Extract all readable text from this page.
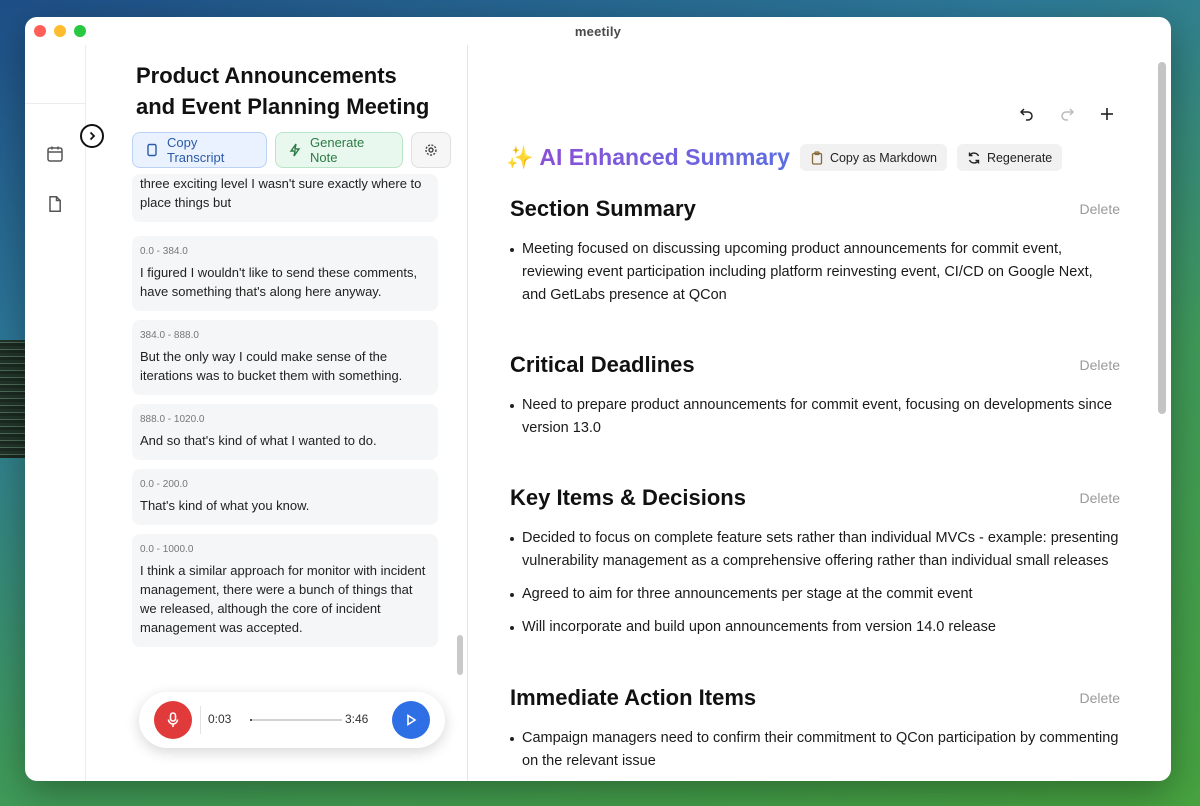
meetily
Product Announcements and Event Planning Meeting
Copy Transcript
Generate Note
three exciting level I wasn't sure exactly where to place things but
0.0 - 384.0
I figured I wouldn't like to send these comments, have something that's along here anyway.
384.0 - 888.0
But the only way I could make sense of the iterations was to bucket them with something.
888.0 - 1020.0
And so that's kind of what I wanted to do.
0.0 - 200.0
That's kind of what you know.
0.0 - 1000.0
I think a similar approach for monitor with incident management, there were a bunch of things that we released, although the core of incident management was accepted.
0:03	3:46
✨ AI Enhanced Summary	Copy as Markdown	Regenerate
Section Summary	Delete
Meeting focused on discussing upcoming product announcements for commit event, reviewing event participation including platform reinvesting event, CI/CD on Google Next, and GetLabs presence at QCon
Critical Deadlines	Delete
Need to prepare product announcements for commit event, focusing on developments since version 13.0
Key Items & Decisions	Delete
Decided to focus on complete feature sets rather than individual MVCs - example: presenting vulnerability management as a comprehensive offering rather than individual small releases
Agreed to aim for three announcements per stage at the commit event
Will incorporate and build upon announcements from version 14.0 release
Immediate Action Items	Delete
Campaign managers need to confirm their commitment to QCon participation by commenting on the relevant issue
